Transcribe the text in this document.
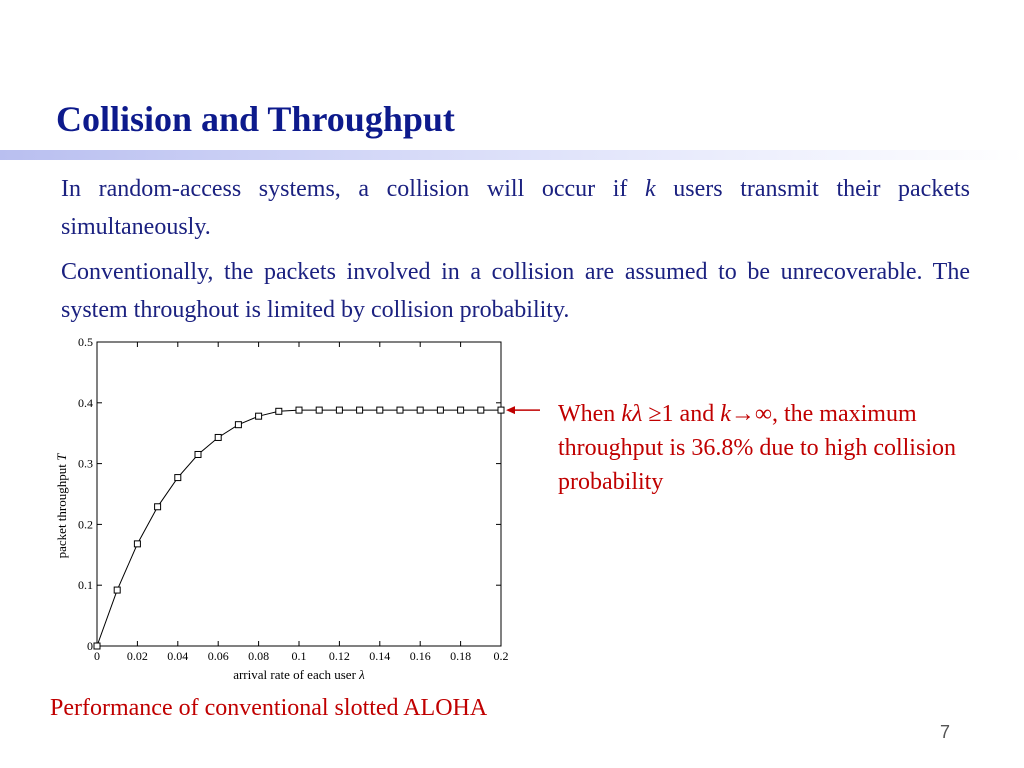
Collision and Throughput

In random-access systems, a collision will occur if k users transmit their packets simultaneously.

Conventionally, the packets involved in a collision are assumed to be unrecoverable. The system throughout is limited by collision probability.

0 0.02 0.04 0.06 0.08 0.1 0.12 0.14 0.16 0.18 0.2
0
0.1
0.2
0.3
0.4
0.5
arrival rate of each user λ
packet throughput T

When kλ ≥1 and k→∞, the maximum throughput is 36.8% due to high collision probability

Performance of conventional slotted ALOHA

7
